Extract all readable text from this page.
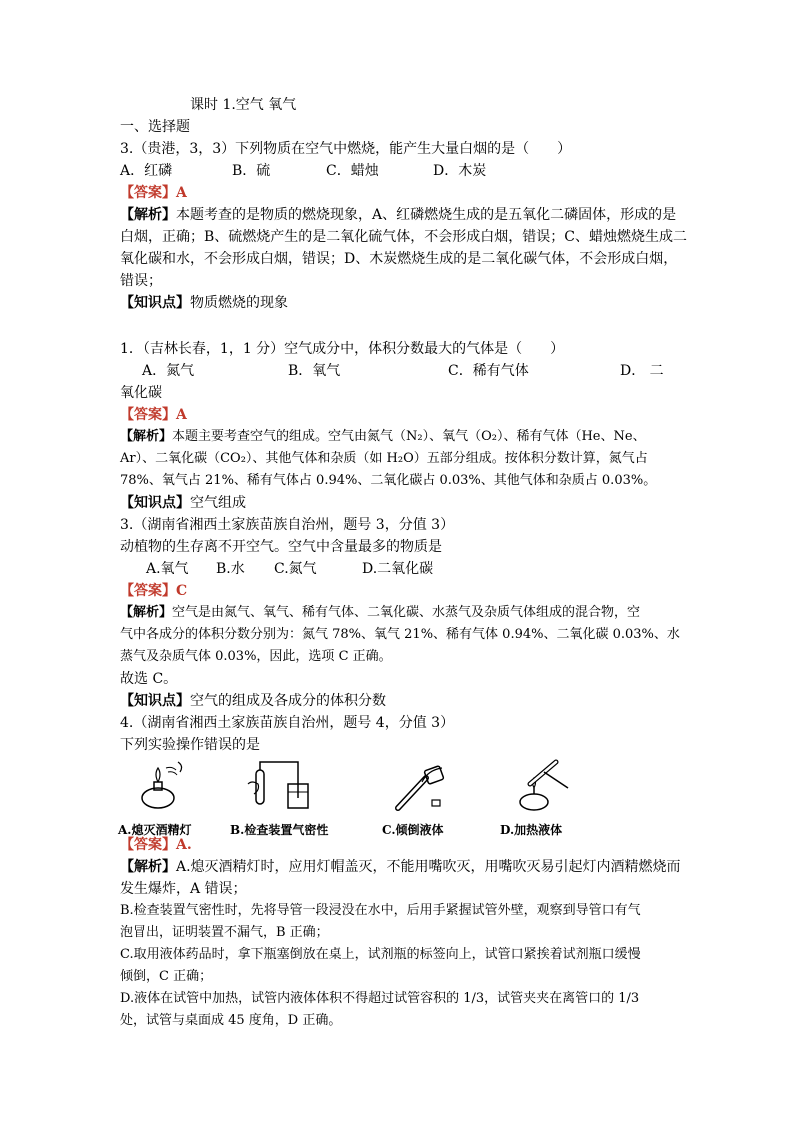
课时 1.空气 氧气
一、选择题
3.（贵港，3，3）下列物质在空气中燃烧，能产生大量白烟的是（　　）
A．红磷	B．硫	C．蜡烛	D．木炭
【答案】A
【解析】本题考查的是物质的燃烧现象，A、红磷燃烧生成的是五氧化二磷固体，形成的是
白烟，正确；B、硫燃烧产生的是二氧化硫气体，不会形成白烟，错误；C、蜡烛燃烧生成二
氧化碳和水，不会形成白烟，错误；D、木炭燃烧生成的是二氧化碳气体，不会形成白烟，
错误；
【知识点】物质燃烧的现象
1．（吉林长春，1，1 分）空气成分中，体积分数最大的气体是（　　）
A．氮气	B．氧气	C．稀有气体	D． 二
氧化碳
【答案】A
【解析】本题主要考查空气的组成。空气由氮气（N₂）、氧气（O₂）、稀有气体（He、Ne、
Ar）、二氧化碳（CO₂）、其他气体和杂质（如 H₂O）五部分组成。按体积分数计算，氮气占
78%、氧气占 21%、稀有气体占 0.94%、二氧化碳占 0.03%、其他气体和杂质占 0.03%。
【知识点】空气组成
3.（湖南省湘西土家族苗族自治州，题号 3，分值 3）
动植物的生存离不开空气。空气中含量最多的物质是
A.氧气 B.水 C.氮气	D.二氧化碳
【答案】C
【解析】空气是由氮气、氧气、稀有气体、二氧化碳、水蒸气及杂质气体组成的混合物，空
气中各成分的体积分数分别为：氮气 78%、氧气 21%、稀有气体 0.94%、二氧化碳 0.03%、水
蒸气及杂质气体 0.03%，因此，选项 C 正确。
故选 C。
【知识点】空气的组成及各成分的体积分数
4.（湖南省湘西土家族苗族自治州，题号 4，分值 3）
下列实验操作错误的是
A.熄灭酒精灯	B.检查装置气密性	C.倾倒液体	D.加热液体
【答案】A.
【解析】A.熄灭酒精灯时，应用灯帽盖灭，不能用嘴吹灭，用嘴吹灭易引起灯内酒精燃烧而
发生爆炸，A 错误；
B.检查装置气密性时，先将导管一段浸没在水中，后用手紧握试管外壁，观察到导管口有气
泡冒出，证明装置不漏气，B 正确；
C.取用液体药品时，拿下瓶塞倒放在桌上，试剂瓶的标签向上，试管口紧挨着试剂瓶口缓慢
倾倒，C 正确；
D.液体在试管中加热，试管内液体体积不得超过试管容积的 1/3，试管夹夹在离管口的 1/3
处，试管与桌面成 45 度角，D 正确。
